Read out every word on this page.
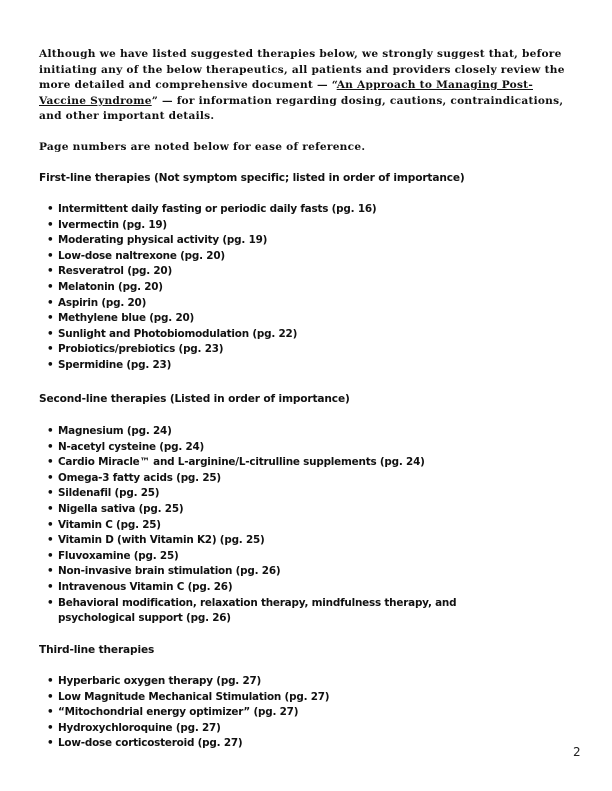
Although we have listed suggested therapies below, we strongly suggest that, before initiating any of the below therapeutics, all patients and providers closely review the more detailed and comprehensive document — “An Approach to Managing Post-Vaccine Syndrome” — for information regarding dosing, cautions, contraindications, and other important details.

Page numbers are noted below for ease of reference.

First-line therapies (Not symptom specific; listed in order of importance)

• Intermittent daily fasting or periodic daily fasts (pg. 16)
• Ivermectin (pg. 19)
• Moderating physical activity (pg. 19)
• Low-dose naltrexone (pg. 20)
• Resveratrol (pg. 20)
• Melatonin (pg. 20)
• Aspirin (pg. 20)
• Methylene blue (pg. 20)
• Sunlight and Photobiomodulation (pg. 22)
• Probiotics/prebiotics (pg. 23)
• Spermidine (pg. 23)

Second-line therapies (Listed in order of importance)

• Magnesium (pg. 24)
• N-acetyl cysteine (pg. 24)
• Cardio Miracle™ and L-arginine/L-citrulline supplements (pg. 24)
• Omega-3 fatty acids (pg. 25)
• Sildenafil (pg. 25)
• Nigella sativa (pg. 25)
• Vitamin C (pg. 25)
• Vitamin D (with Vitamin K2) (pg. 25)
• Fluvoxamine (pg. 25)
• Non-invasive brain stimulation (pg. 26)
• Intravenous Vitamin C (pg. 26)
• Behavioral modification, relaxation therapy, mindfulness therapy, and psychological support (pg. 26)

Third-line therapies

• Hyperbaric oxygen therapy (pg. 27)
• Low Magnitude Mechanical Stimulation (pg. 27)
• “Mitochondrial energy optimizer” (pg. 27)
• Hydroxychloroquine (pg. 27)
• Low-dose corticosteroid (pg. 27)
2
